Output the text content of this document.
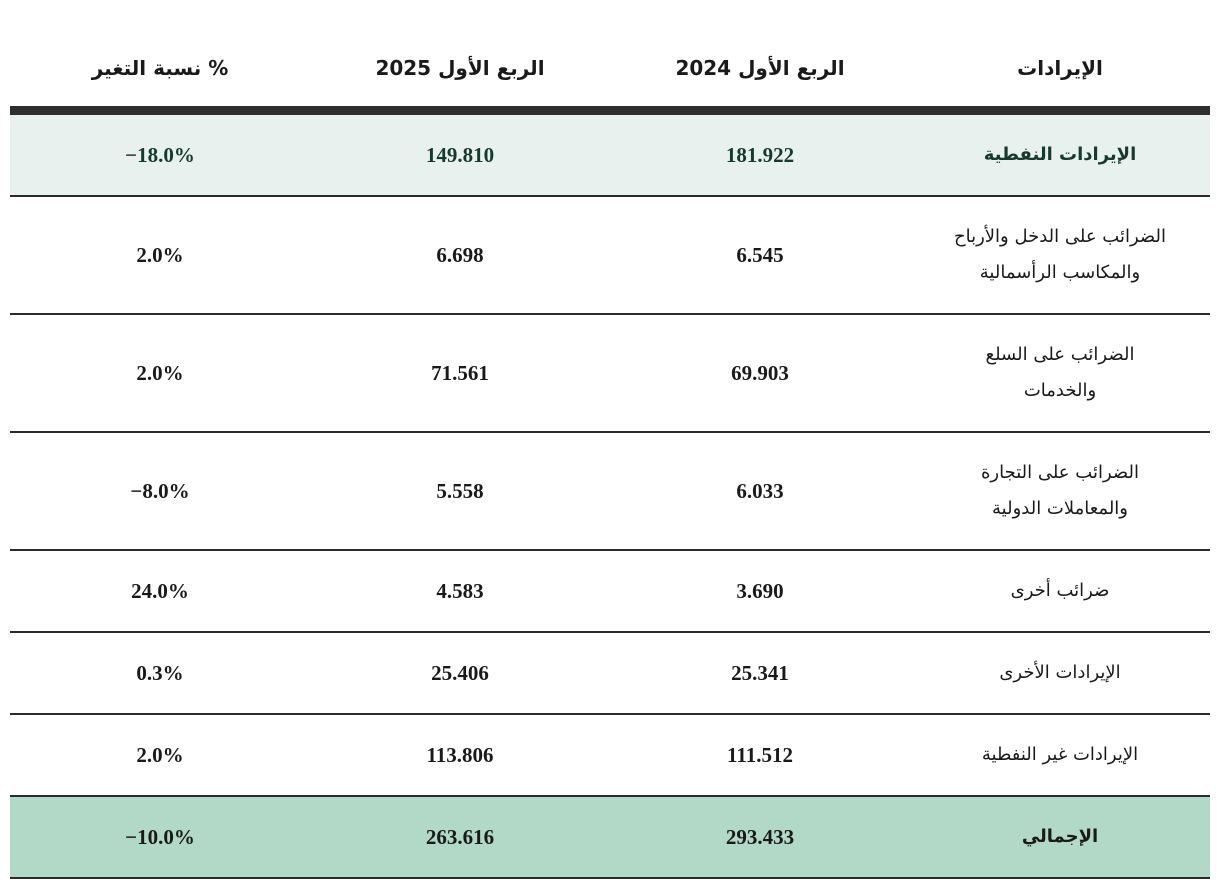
الإيرادات
الربع الأول 2024
الربع الأول 2025
نسبة التغير %
الإيرادات النفطية
181.922
149.810
−18.0%
الضرائب على الدخل والأرباح
والمكاسب الرأسمالية
6.545
6.698
2.0%
الضرائب على السلع
والخدمات
69.903
71.561
2.0%
الضرائب على التجارة
والمعاملات الدولية
6.033
5.558
−8.0%
ضرائب أخرى
3.690
4.583
24.0%
الإيرادات الأخرى
25.341
25.406
0.3%
الإيرادات غير النفطية
111.512
113.806
2.0%
الإجمالي
293.433
263.616
−10.0%
